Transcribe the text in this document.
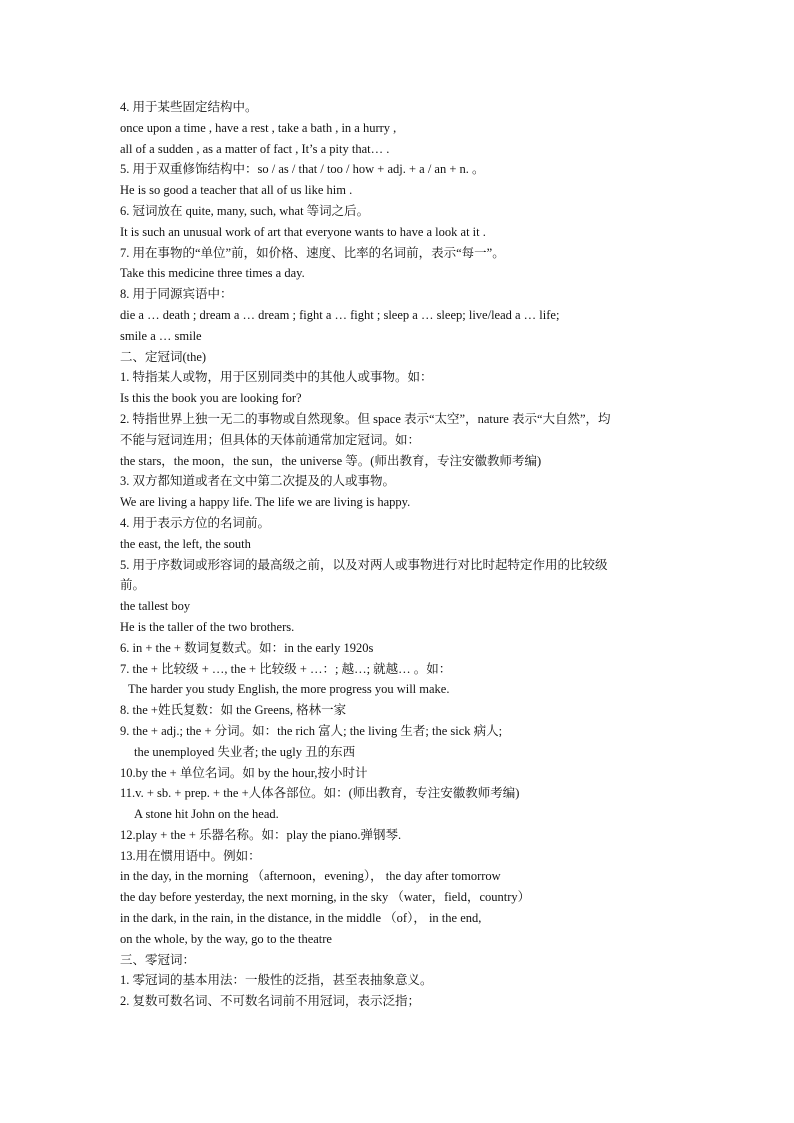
4. 用于某些固定结构中。
once upon a time , have a rest , take a bath , in a hurry ,
all of a sudden , as a matter of fact , It’s a pity that… .
5. 用于双重修饰结构中：so / as / that / too / how + adj. + a / an + n. 。
He is so good a teacher that all of us like him .
6. 冠词放在 quite, many, such, what 等词之后。
It is such an unusual work of art that everyone wants to have a look at it .
7. 用在事物的“单位”前，如价格、速度、比率的名词前，表示“每一”。
Take this medicine three times a day.
8. 用于同源宾语中：
die a … death ; dream a … dream ; fight a … fight ; sleep a … sleep; live/lead a … life;
smile a … smile
二、定冠词(the)
1. 特指某人或物，用于区别同类中的其他人或事物。如：
Is this the book you are looking for?
2. 特指世界上独一无二的事物或自然现象。但 space 表示“太空”，nature 表示“大自然”，均
不能与冠词连用；但具体的天体前通常加定冠词。如：
the stars，the moon，the sun，the universe 等。(师出教育，专注安徽教师考编)
3. 双方都知道或者在文中第二次提及的人或事物。
We are living a happy life. The life we are living is happy.
4. 用于表示方位的名词前。
the east, the left, the south
5. 用于序数词或形容词的最高级之前，以及对两人或事物进行对比时起特定作用的比较级
前。
the tallest boy
He is the taller of the two brothers.
6. in + the + 数词复数式。如：in the early 1920s
7. the + 比较级 + …, the + 比较级 + …：; 越…; 就越… 。如：
The harder you study English, the more progress you will make.
8. the +姓氏复数：如 the Greens, 格林一家
9. the + adj.; the + 分词。如：the rich 富人; the living 生者; the sick 病人;
the unemployed 失业者; the ugly 丑的东西
10.by the + 单位名词。如 by the hour,按小时计
11.v. + sb. + prep. + the +人体各部位。如：(师出教育，专注安徽教师考编)
A stone hit John on the head.
12.play + the + 乐器名称。如：play the piano.弹钢琴.
13.用在惯用语中。例如：
in the day, in the morning （afternoon，evening）， the day after tomorrow
the day before yesterday, the next morning, in the sky （water，field，country）
in the dark, in the rain, in the distance, in the middle （of）， in the end,
on the whole, by the way, go to the theatre
三、零冠词：
1. 零冠词的基本用法：一般性的泛指，甚至表抽象意义。
2. 复数可数名词、不可数名词前不用冠词，表示泛指；
